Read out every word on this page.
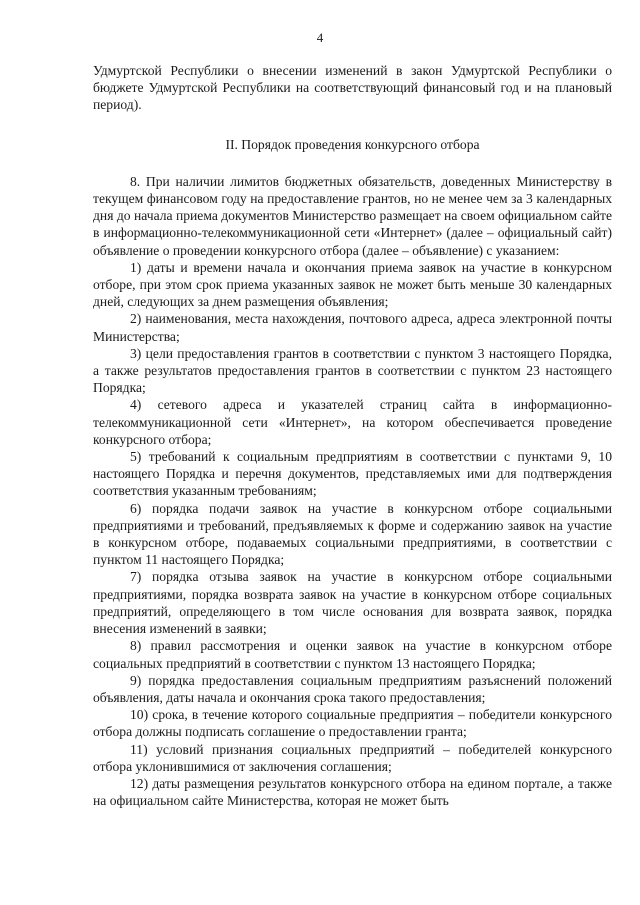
4

Удмуртской Республики о внесении изменений в закон Удмуртской Республики о бюджете Удмуртской Республики на соответствующий финансовый год и на плановый период).

II. Порядок проведения конкурсного отбора

8. При наличии лимитов бюджетных обязательств, доведенных Министерству в текущем финансовом году на предоставление грантов, но не менее чем за 3 календарных дня до начала приема документов Министерство размещает на своем официальном сайте в информационно-телекоммуникационной сети «Интернет» (далее – официальный сайт) объявление о проведении конкурсного отбора (далее – объявление) с указанием:

1) даты и времени начала и окончания приема заявок на участие в конкурсном отборе, при этом срок приема указанных заявок не может быть меньше 30 календарных дней, следующих за днем размещения объявления;

2) наименования, места нахождения, почтового адреса, адреса электронной почты Министерства;

3) цели предоставления грантов в соответствии с пунктом 3 настоящего Порядка, а также результатов предоставления грантов в соответствии с пунктом 23 настоящего Порядка;

4) сетевого адреса и указателей страниц сайта в информационно-телекоммуникационной сети «Интернет», на котором обеспечивается проведение конкурсного отбора;

5) требований к социальным предприятиям в соответствии с пунктами 9, 10 настоящего Порядка и перечня документов, представляемых ими для подтверждения соответствия указанным требованиям;

6) порядка подачи заявок на участие в конкурсном отборе социальными предприятиями и требований, предъявляемых к форме и содержанию заявок на участие в конкурсном отборе, подаваемых социальными предприятиями, в соответствии с пунктом 11 настоящего Порядка;

7) порядка отзыва заявок на участие в конкурсном отборе социальными предприятиями, порядка возврата заявок на участие в конкурсном отборе социальных предприятий, определяющего в том числе основания для возврата заявок, порядка внесения изменений в заявки;

8) правил рассмотрения и оценки заявок на участие в конкурсном отборе социальных предприятий в соответствии с пунктом 13 настоящего Порядка;

9) порядка предоставления социальным предприятиям разъяснений положений объявления, даты начала и окончания срока такого предоставления;

10) срока, в течение которого социальные предприятия – победители конкурсного отбора должны подписать соглашение о предоставлении гранта;

11) условий признания социальных предприятий – победителей конкурсного отбора уклонившимися от заключения соглашения;

12) даты размещения результатов конкурсного отбора на едином портале, а также на официальном сайте Министерства, которая не может быть
